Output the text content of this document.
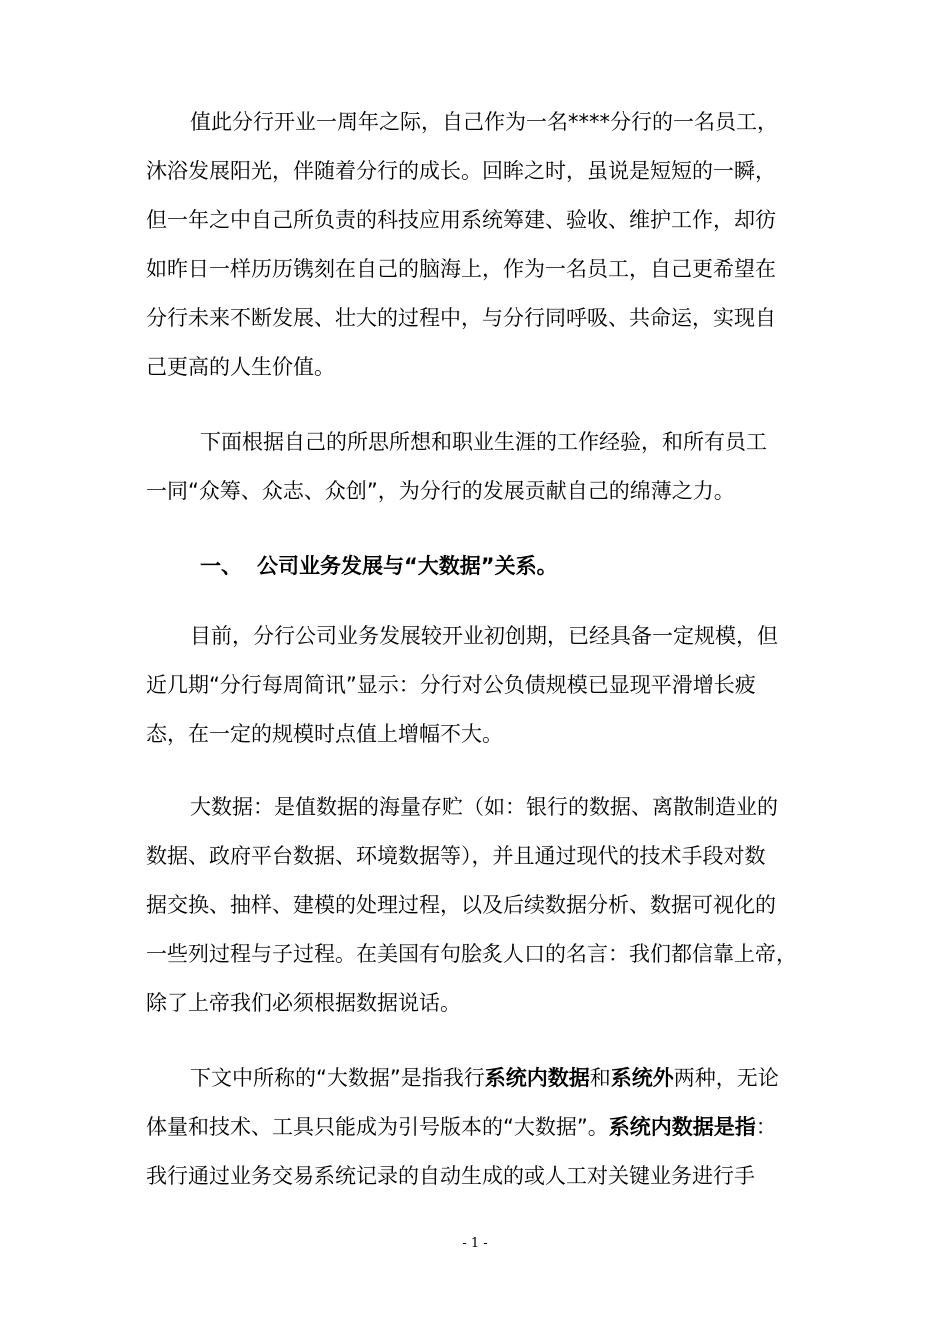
值此分行开业一周年之际，自己作为一名****分行的一名员工，
沐浴发展阳光，伴随着分行的成长。回眸之时，虽说是短短的一瞬，
但一年之中自己所负责的科技应用系统筹建、验收、维护工作，却彷
如昨日一样历历镌刻在自己的脑海上，作为一名员工，自己更希望在
分行未来不断发展、壮大的过程中，与分行同呼吸、共命运，实现自
己更高的人生价值。
下面根据自己的所思所想和职业生涯的工作经验，和所有员工
一同“众筹、众志、众创”，为分行的发展贡献自己的绵薄之力。
一、 公司业务发展与“大数据”关系。
目前，分行公司业务发展较开业初创期，已经具备一定规模，但
近几期“分行每周简讯”显示：分行对公负债规模已显现平滑增长疲
态，在一定的规模时点值上增幅不大。
大数据：是值数据的海量存贮（如：银行的数据、离散制造业的
数据、政府平台数据、环境数据等），并且通过现代的技术手段对数
据交换、抽样、建模的处理过程，以及后续数据分析、数据可视化的
一些列过程与子过程。在美国有句脍炙人口的名言：我们都信靠上帝，
除了上帝我们必须根据数据说话。
下文中所称的“大数据”是指我行系统内数据和系统外两种，无论
体量和技术、工具只能成为引号版本的“大数据”。系统内数据是指：
我行通过业务交易系统记录的自动生成的或人工对关键业务进行手
- 1 -
